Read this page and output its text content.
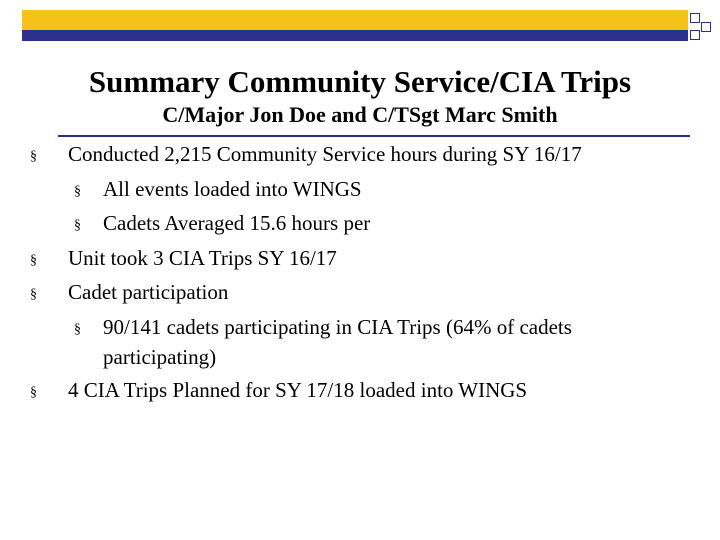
Summary Community Service/CIA Trips
C/Major Jon Doe and C/TSgt Marc Smith
§ Conducted 2,215 Community Service hours during SY 16/17
§ All events loaded into WINGS
§ Cadets Averaged 15.6 hours per
§ Unit took 3 CIA Trips SY 16/17
§ Cadet participation
§ 90/141 cadets participating in CIA Trips (64% of cadets participating)
§ 4 CIA Trips Planned for SY 17/18 loaded into WINGS
